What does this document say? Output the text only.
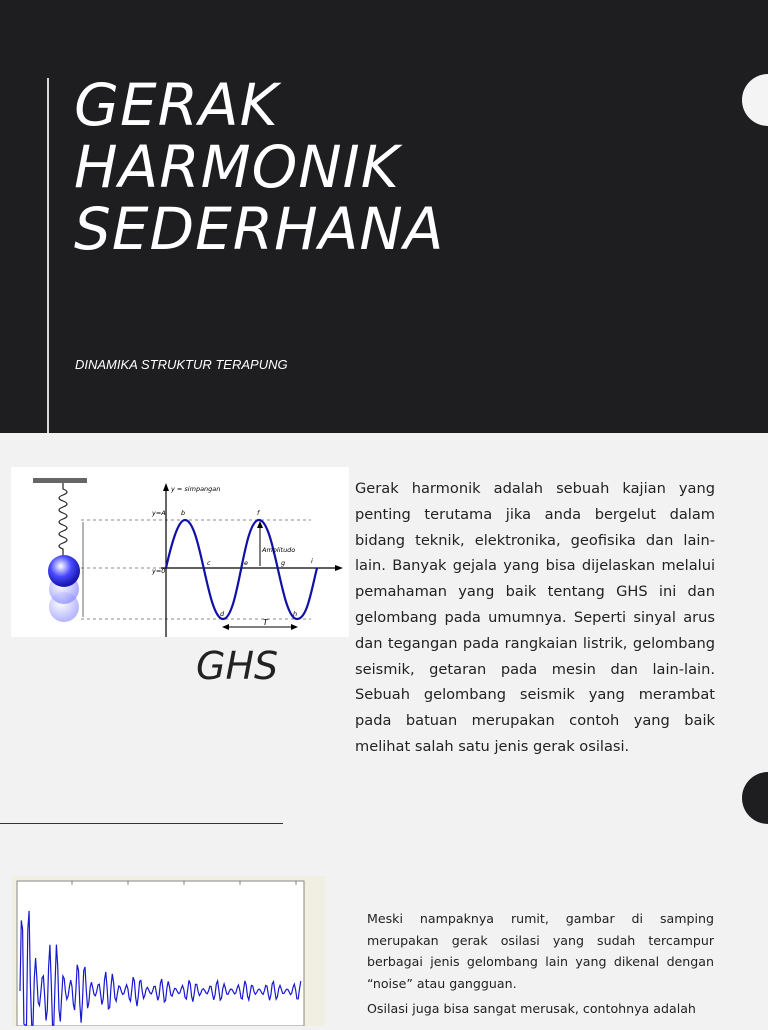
GERAK
HARMONIK
SEDERHANA
DINAMIKA STRUKTUR TERAPUNG
y = simpangan
y=A
y=0
b
c
d
e
f
g
h
i
Amplitudo
T
GHS
Gerak harmonik adalah sebuah kajian yang penting terutama jika anda bergelut dalam bidang teknik, elektronika, geofisika dan lain-lain. Banyak gejala yang bisa dijelaskan melalui pemahaman yang baik tentang GHS ini dan gelombang pada umumnya. Seperti sinyal arus dan tegangan pada rangkaian listrik, gelombang seismik, getaran pada mesin dan lain-lain. Sebuah gelombang seismik yang merambat pada batuan merupakan contoh yang baik melihat salah satu jenis gerak osilasi.

Meski nampaknya rumit, gambar di samping merupakan gerak osilasi yang sudah tercampur berbagai jenis gelombang lain yang dikenal dengan “noise” atau gangguan.

Osilasi juga bisa sangat merusak, contohnya adalah
